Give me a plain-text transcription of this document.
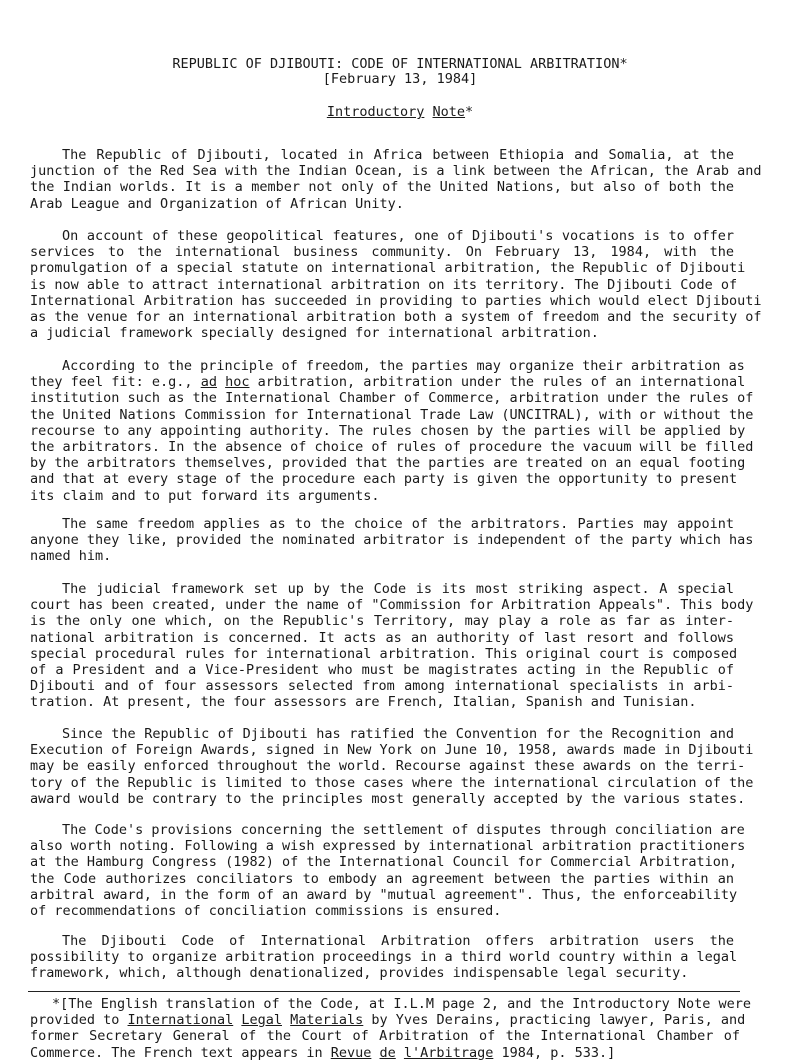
REPUBLIC OF DJIBOUTI: CODE OF INTERNATIONAL ARBITRATION*
[February 13, 1984]
Introductory Note*
The Republic of Djibouti, located in Africa between Ethiopia and Somalia, at the
junction of the Red Sea with the Indian Ocean, is a link between the African, the Arab and
the Indian worlds. It is a member not only of the United Nations, but also of both the
Arab League and Organization of African Unity.
On account of these geopolitical features, one of Djibouti's vocations is to offer
services to the international business community. On February 13, 1984, with the
promulgation of a special statute on international arbitration, the Republic of Djibouti
is now able to attract international arbitration on its territory. The Djibouti Code of
International Arbitration has succeeded in providing to parties which would elect Djibouti
as the venue for an international arbitration both a system of freedom and the security of
a judicial framework specially designed for international arbitration.
According to the principle of freedom, the parties may organize their arbitration as
they feel fit: e.g., ad hoc arbitration, arbitration under the rules of an international
institution such as the International Chamber of Commerce, arbitration under the rules of
the United Nations Commission for International Trade Law (UNCITRAL), with or without the
recourse to any appointing authority. The rules chosen by the parties will be applied by
the arbitrators. In the absence of choice of rules of procedure the vacuum will be filled
by the arbitrators themselves, provided that the parties are treated on an equal footing
and that at every stage of the procedure each party is given the opportunity to present
its claim and to put forward its arguments.
The same freedom applies as to the choice of the arbitrators. Parties may appoint
anyone they like, provided the nominated arbitrator is independent of the party which has
named him.
The judicial framework set up by the Code is its most striking aspect. A special
court has been created, under the name of "Commission for Arbitration Appeals". This body
is the only one which, on the Republic's Territory, may play a role as far as inter-
national arbitration is concerned. It acts as an authority of last resort and follows
special procedural rules for international arbitration. This original court is composed
of a President and a Vice-President who must be magistrates acting in the Republic of
Djibouti and of four assessors selected from among international specialists in arbi-
tration. At present, the four assessors are French, Italian, Spanish and Tunisian.
Since the Republic of Djibouti has ratified the Convention for the Recognition and
Execution of Foreign Awards, signed in New York on June 10, 1958, awards made in Djibouti
may be easily enforced throughout the world. Recourse against these awards on the terri-
tory of the Republic is limited to those cases where the international circulation of the
award would be contrary to the principles most generally accepted by the various states.
The Code's provisions concerning the settlement of disputes through conciliation are
also worth noting. Following a wish expressed by international arbitration practitioners
at the Hamburg Congress (1982) of the International Council for Commercial Arbitration,
the Code authorizes conciliators to embody an agreement between the parties within an
arbitral award, in the form of an award by "mutual agreement". Thus, the enforceability
of recommendations of conciliation commissions is ensured.
The Djibouti Code of International Arbitration offers arbitration users the
possibility to organize arbitration proceedings in a third world country within a legal
framework, which, although denationalized, provides indispensable legal security.
*[The English translation of the Code, at I.L.M page 2, and the Introductory Note were
provided to International Legal Materials by Yves Derains, practicing lawyer, Paris, and
former Secretary General of the Court of Arbitration of the International Chamber of
Commerce. The French text appears in Revue de l'Arbitrage 1984, p. 533.]
